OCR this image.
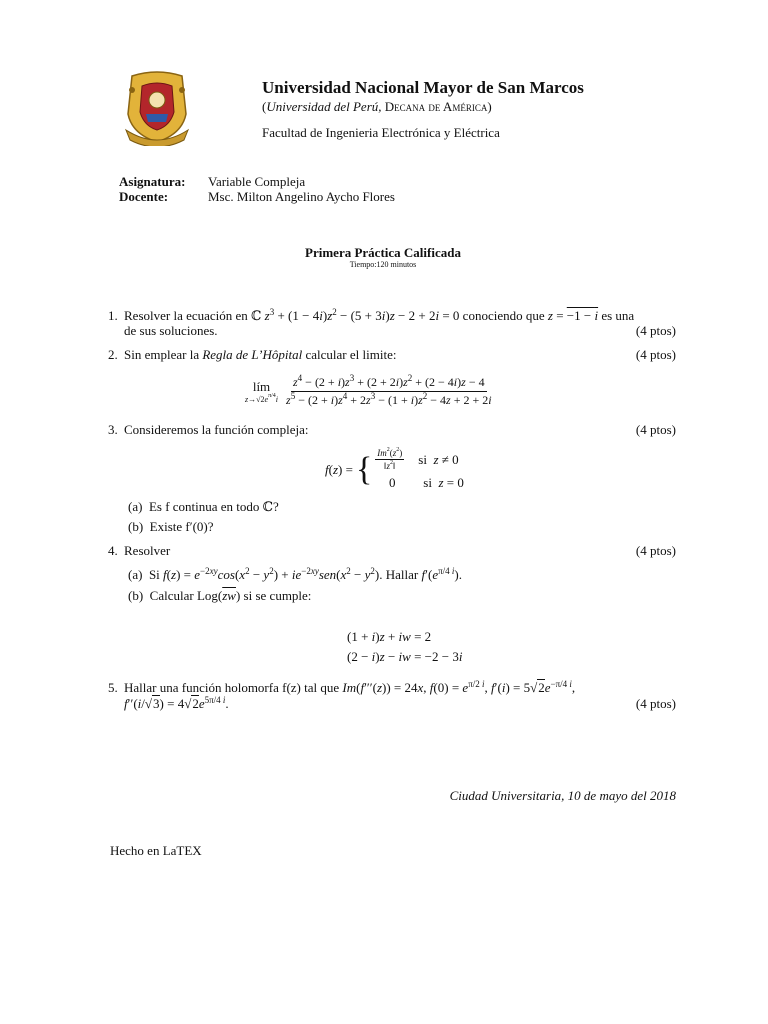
Universidad Nacional Mayor de San Marcos
(Universidad del Perú, Decana de América)
Facultad de Ingenieria Electrónica y Eléctrica
Asignatura:	Variable Compleja
Docente:	Msc. Milton Angelino Aycho Flores
Primera Práctica Calificada
Tiempo:120 minutos
1. Resolver la ecuación en ℂ $z^3 + (1 - 4i)z^2 - (5 + 3i)z - 2 + 2i = 0$ conociendo que z = −1 − i es una
de sus soluciones.	(4 ptos)
2. Sin emplear la Regla de L’Hôpital calcular el limite:	(4 ptos)
lím
$z\to√2e^{\pi/4}i \frac{z^4 - (2 + i)z^3 + (2 + 2i)z^2 + (2 - 4i)z - 4}{z^5 - (2 + i)z^4 + 2z^3 - (1 + i)z^2 - 4z + 2 + 2i}$
3. Consideremos la función compleja:	(4 ptos)
f(z) = { $\frac{Im^2(z^2)}{‖z^2‖}$ si z ≠ 0
0	si z = 0
(a) Es f continua en todo ℂ?
(b) Existe f′(0)?
4. Resolver	(4 ptos)
(a) Si $f(z) = e^{-2xy}\cos(x^2 - y^2) + ie^{-2xy}sen(x^2 - y^2)$. Hallar $f'(e^{\pi/4 i})$.
(b) Calcular $Log(\overline{zw})$ si se cumple:
(1 + i)z + iw = 2
(2 − i)z − iw = −2 − 3i
5. Hallar una función holomorfa f(z) tal que Im(f′′′(z)) = 24x, $f(0) = e^{\pi/2 i}$, $f'(i) = 5√2e^{-\pi/4 i}$,
$f''(i/√3) = 4√2e^{5\pi/4 i}$.	(4 ptos)
Ciudad Universitaria, 10 de mayo del 2018
Hecho en LaTEX
